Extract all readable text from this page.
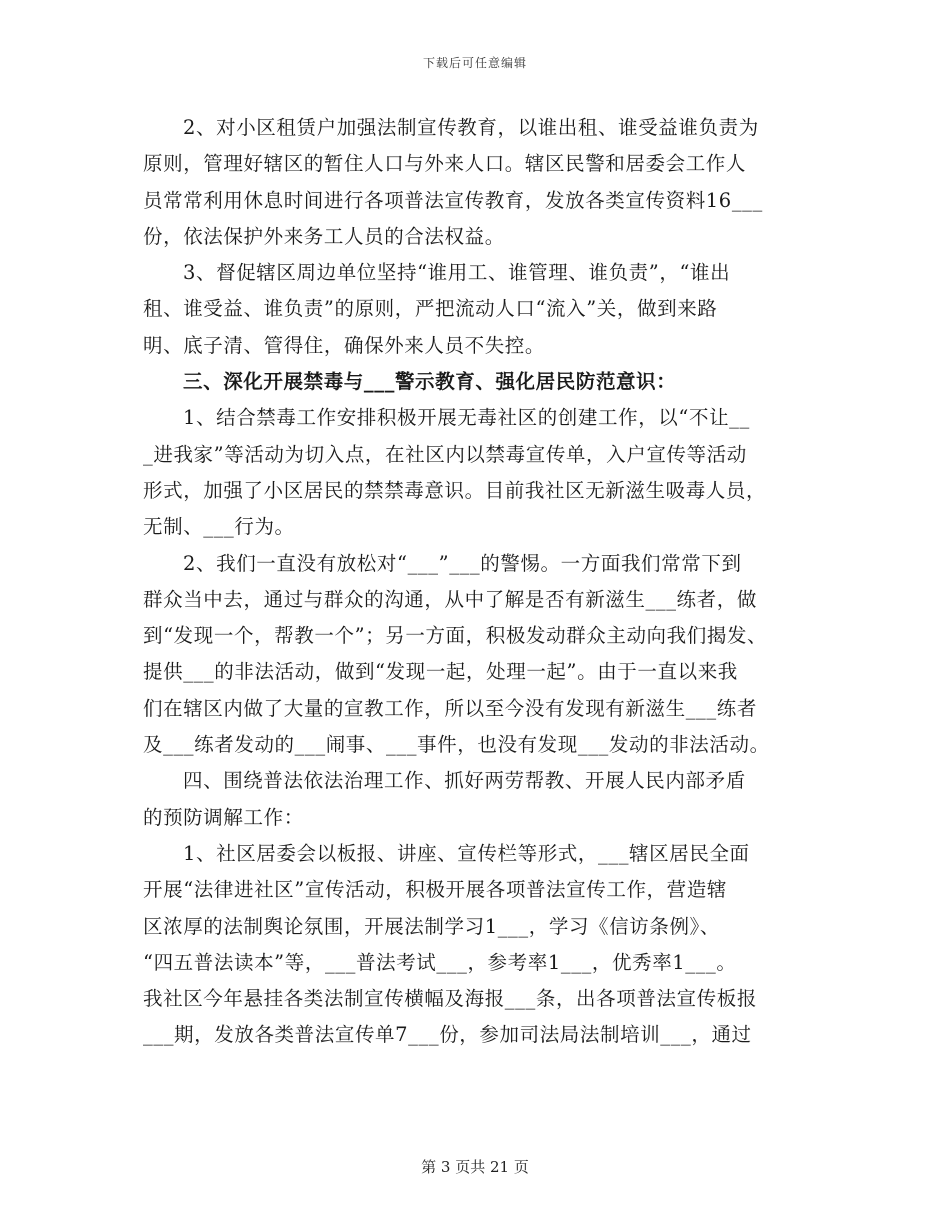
下载后可任意编辑
2、对小区租赁户加强法制宣传教育，以谁出租、谁受益谁负责为
原则，管理好辖区的暂住人口与外来人口。辖区民警和居委会工作人
员常常利用休息时间进行各项普法宣传教育，发放各类宣传资料16___
份，依法保护外来务工人员的合法权益。
3、督促辖区周边单位坚持“谁用工、谁管理、谁负责”，“谁出
租、谁受益、谁负责”的原则，严把流动人口“流入”关，做到来路
明、底子清、管得住，确保外来人员不失控。
三、深化开展禁毒与___警示教育、强化居民防范意识：
1、结合禁毒工作安排积极开展无毒社区的创建工作，以“不让__
_进我家”等活动为切入点，在社区内以禁毒宣传单，入户宣传等活动
形式，加强了小区居民的禁禁毒意识。目前我社区无新滋生吸毒人员，
无制、___行为。
2、我们一直没有放松对“___”___的警惕。一方面我们常常下到
群众当中去，通过与群众的沟通，从中了解是否有新滋生___练者，做
到“发现一个，帮教一个”；另一方面，积极发动群众主动向我们揭发、
提供___的非法活动，做到“发现一起，处理一起”。由于一直以来我
们在辖区内做了大量的宣教工作，所以至今没有发现有新滋生___练者
及___练者发动的___闹事、___事件，也没有发现___发动的非法活动。
四、围绕普法依法治理工作、抓好两劳帮教、开展人民内部矛盾
的预防调解工作：
1、社区居委会以板报、讲座、宣传栏等形式，___辖区居民全面
开展“法律进社区”宣传活动，积极开展各项普法宣传工作，营造辖
区浓厚的法制舆论氛围，开展法制学习1___，学习《信访条例》、
“四五普法读本”等，___普法考试___，参考率1___，优秀率1___。
我社区今年悬挂各类法制宣传横幅及海报___条，出各项普法宣传板报
___期，发放各类普法宣传单7___份，参加司法局法制培训___，通过
第 3 页共 21 页
